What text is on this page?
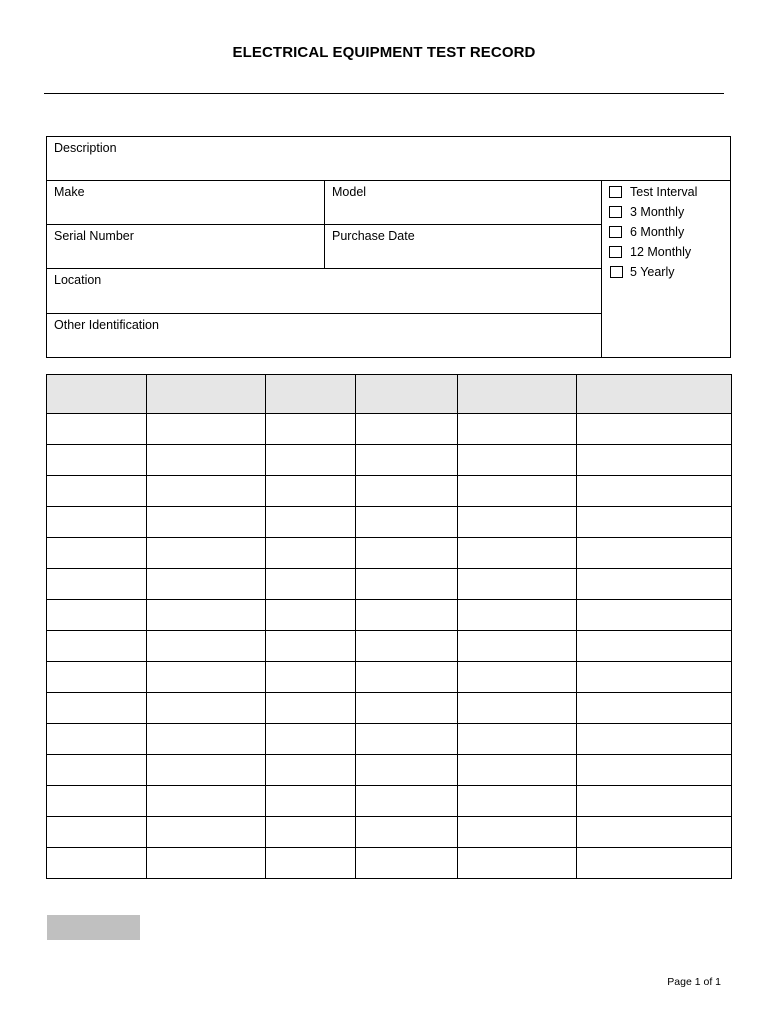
ELECTRICAL EQUIPMENT TEST RECORD
Description
Make	Model
Serial Number	Purchase Date
Location
Other Identification
Test Interval
3 Monthly
6 Monthly
12 Monthly
5 Yearly

Page 1 of 1
